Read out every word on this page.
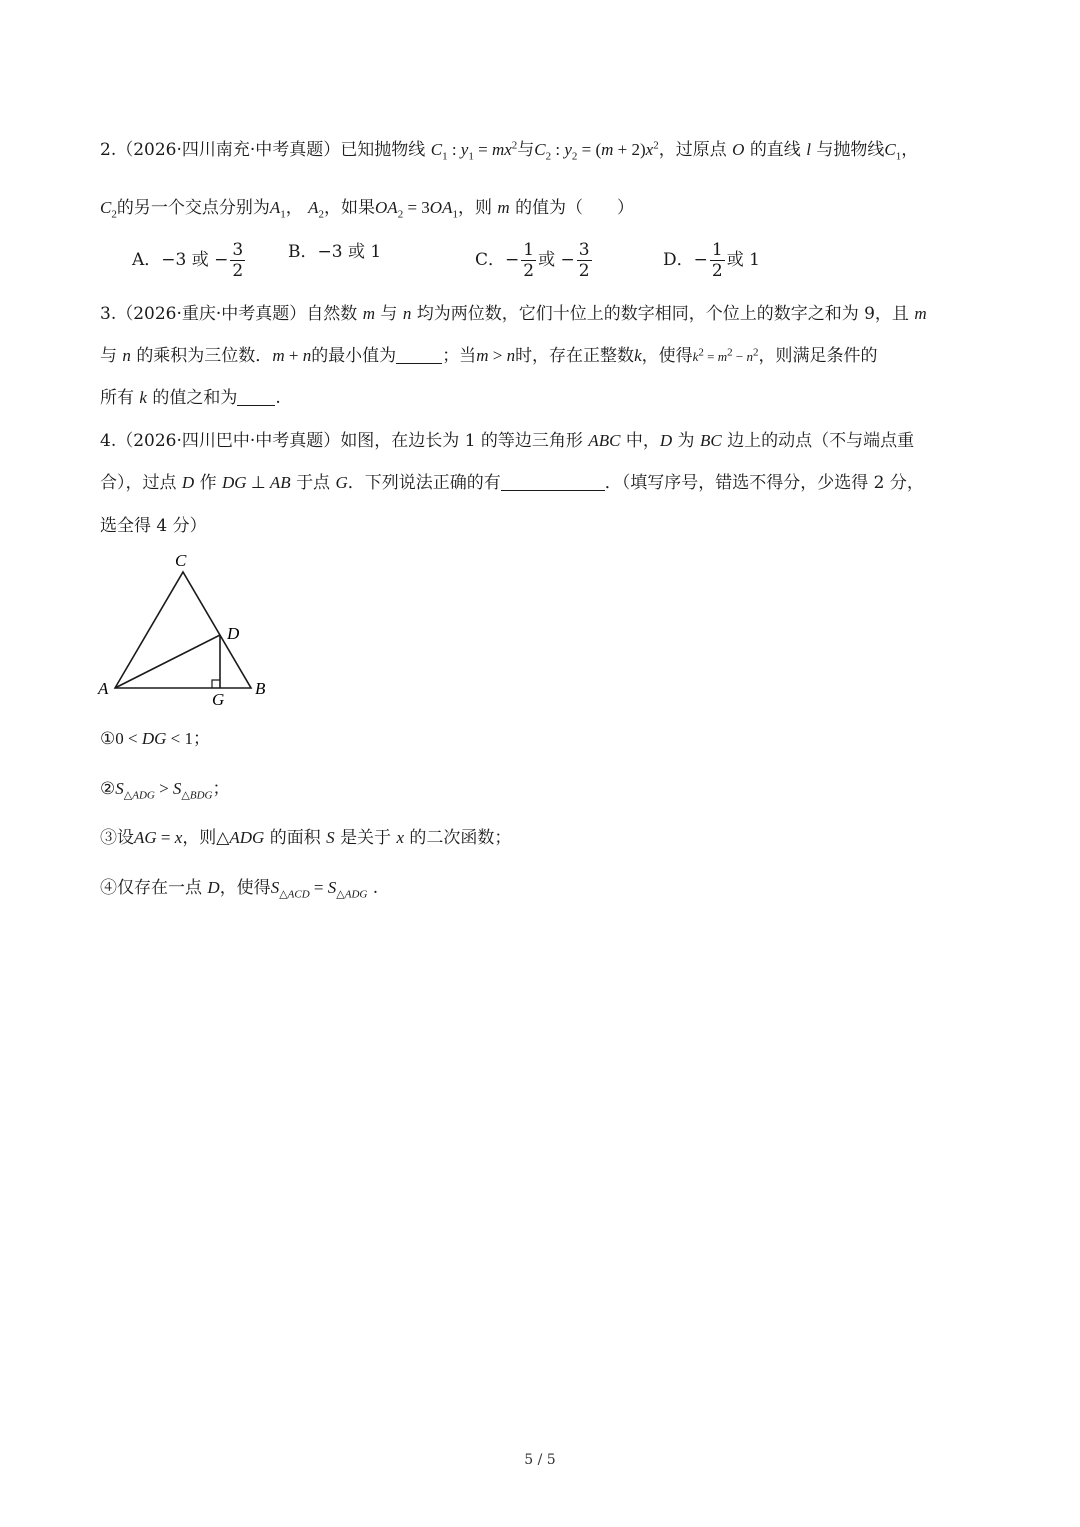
2.（2026·四川南充·中考真题）已知抛物线 $C_1$ : $y_1 = mx^2$与$C_2$ : $y_2 = (m + 2)x^2$，过原点 O 的直线 l 与抛物线$C_1$，
$C_2$的另一个交点分别为$A_1$， $A_2$，如果$OA_2 = 3OA_1$，则 m 的值为（　　）
A．−3 或 − $\frac{3}{2}$	B．−3 或 1	C．− $\frac{1}{2}$ 或 − $\frac{3}{2}$	D．− $\frac{1}{2}$ 或 1
3.（2026·重庆·中考真题）自然数 m 与 n 均为两位数，它们十位上的数字相同，个位上的数字之和为 9，且 m
与 n 的乘积为三位数．m + n的最小值为	；当m > n时，存在正整数k，使得$k^2 = m^2 - n^2$，则满足条件的
所有 k 的值之和为 .
4.（2026·四川巴中·中考真题）如图，在边长为 1 的等边三角形 ABC 中，D 为 BC 边上的动点（不与端点重
合），过点 D 作 DG ⊥ AB 于点 G．下列说法正确的有	．（填写序号，错选不得分，少选得 2 分，
选全得 4 分）
C
D
A	B
G
①0 < DG < 1；
$②S_{\triangle ADG} > S_{\triangle BDG}$；
③设AG = x，则△ADG 的面积 S 是关于 x 的二次函数；
④仅存在一点 D，使得$S_{\triangle ACD} = S_{\triangle ADG}$ .
5 / 5
